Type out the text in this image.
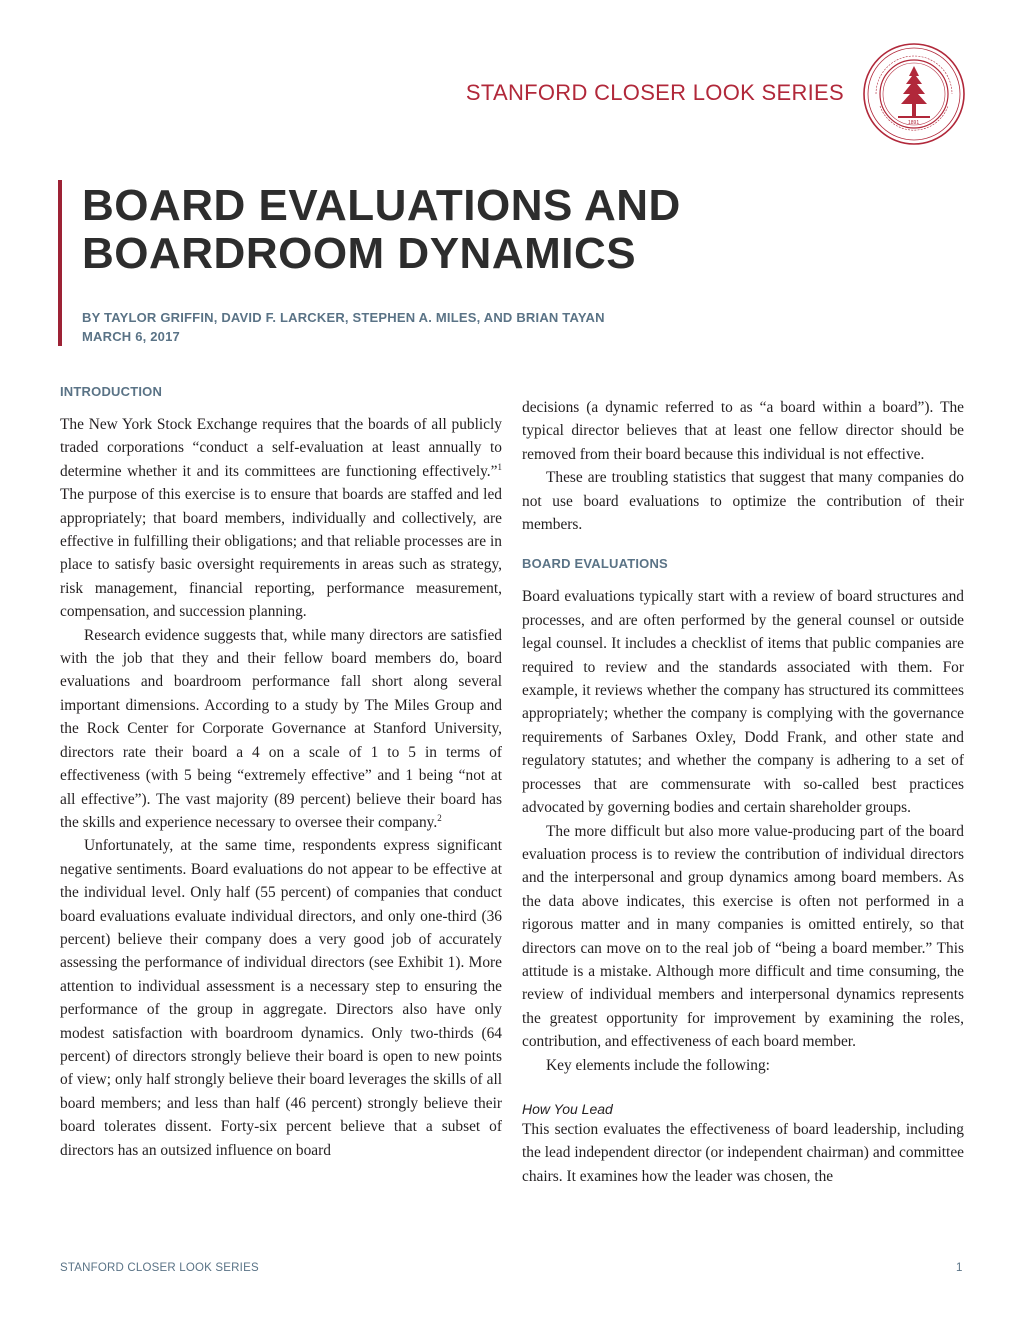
STANFORD CLOSER LOOK SERIES
1891
BOARD EVALUATIONS AND
BOARDROOM DYNAMICS
BY TAYLOR GRIFFIN, DAVID F. LARCKER, STEPHEN A. MILES, AND BRIAN TAYAN
MARCH 6, 2017
INTRODUCTION

The New York Stock Exchange requires that the boards of all publicly traded corporations “conduct a self-evaluation at least annually to determine whether it and its committees are functioning effectively.”$^1$ The purpose of this exercise is to ensure that boards are staffed and led appropriately; that board members, individually and collectively, are effective in fulfilling their obligations; and that reliable processes are in place to satisfy basic oversight requirements in areas such as strategy, risk management, financial reporting, performance measurement, compensation, and succession planning.

Research evidence suggests that, while many directors are satisfied with the job that they and their fellow board members do, board evaluations and boardroom performance fall short along several important dimensions. According to a study by The Miles Group and the Rock Center for Corporate Governance at Stanford University, directors rate their board a 4 on a scale of 1 to 5 in terms of effectiveness (with 5 being “extremely effective” and 1 being “not at all effective”). The vast majority (89 percent) believe their board has the skills and experience necessary to oversee their company.$^2$

Unfortunately, at the same time, respondents express significant negative sentiments. Board evaluations do not appear to be effective at the individual level. Only half (55 percent) of companies that conduct board evaluations evaluate individual directors, and only one-third (36 percent) believe their company does a very good job of accurately assessing the performance of individual directors (see Exhibit 1). More attention to individual assessment is a necessary step to ensuring the performance of the group in aggregate. Directors also have only modest satisfaction with boardroom dynamics. Only two-thirds (64 percent) of directors strongly believe their board is open to new points of view; only half strongly believe their board leverages the skills of all board members; and less than half (46 percent) strongly believe their board tolerates dissent. Forty-six percent believe that a subset of directors has an outsized influence on board

decisions (a dynamic referred to as “a board within a board”). The typical director believes that at least one fellow director should be removed from their board because this individual is not effective.

These are troubling statistics that suggest that many companies do not use board evaluations to optimize the contribution of their members.

BOARD EVALUATIONS

Board evaluations typically start with a review of board structures and processes, and are often performed by the general counsel or outside legal counsel. It includes a checklist of items that public companies are required to review and the standards associated with them. For example, it reviews whether the company has structured its committees appropriately; whether the company is complying with the governance requirements of Sarbanes Oxley, Dodd Frank, and other state and regulatory statutes; and whether the company is adhering to a set of processes that are commensurate with so-called best practices advocated by governing bodies and certain shareholder groups.

The more difficult but also more value-producing part of the board evaluation process is to review the contribution of individual directors and the interpersonal and group dynamics among board members. As the data above indicates, this exercise is often not performed in a rigorous matter and in many companies is omitted entirely, so that directors can move on to the real job of “being a board member.” This attitude is a mistake. Although more difficult and time consuming, the review of individual members and interpersonal dynamics represents the greatest opportunity for improvement by examining the roles, contribution, and effectiveness of each board member.

Key elements include the following:

How You Lead

This section evaluates the effectiveness of board leadership, including the lead independent director (or independent chairman) and committee chairs. It examines how the leader was chosen, the

STANFORD CLOSER LOOK SERIES	1
